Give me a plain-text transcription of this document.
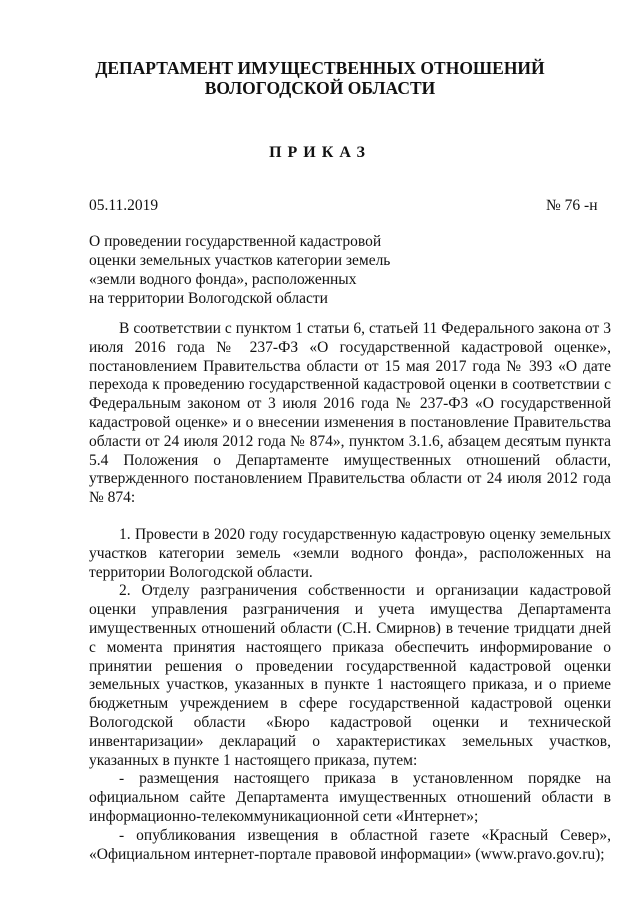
ДЕПАРТАМЕНТ ИМУЩЕСТВЕННЫХ ОТНОШЕНИЙ
ВОЛОГОДСКОЙ ОБЛАСТИ
ПРИКАЗ
05.11.2019	№ 76 -н
О проведении государственной кадастровой
оценки земельных участков категории земель
«земли водного фонда», расположенных
на территории Вологодской области

В соответствии с пунктом 1 статьи 6, статьей 11 Федерального закона от 3 июля 2016 года № 237-ФЗ «О государственной кадастровой оценке», постановлением Правительства области от 15 мая 2017 года № 393 «О дате перехода к проведению государственной кадастровой оценки в соответствии с Федеральным законом от 3 июля 2016 года № 237-ФЗ «О государственной кадастровой оценке» и о внесении изменения в постановление Правительства области от 24 июля 2012 года № 874», пунктом 3.1.6, абзацем десятым пункта 5.4 Положения о Департаменте имущественных отношений области, утвержденного постановлением Правительства области от 24 июля 2012 года № 874:

1. Провести в 2020 году государственную кадастровую оценку земельных участков категории земель «земли водного фонда», расположенных на территории Вологодской области.

2. Отделу разграничения собственности и организации кадастровой оценки управления разграничения и учета имущества Департамента имущественных отношений области (С.Н. Смирнов) в течение тридцати дней с момента принятия настоящего приказа обеспечить информирование о принятии решения о проведении государственной кадастровой оценки земельных участков, указанных в пункте 1 настоящего приказа, и о приеме бюджетным учреждением в сфере государственной кадастровой оценки Вологодской области «Бюро кадастровой оценки и технической инвентаризации» деклараций о характеристиках земельных участков, указанных в пункте 1 настоящего приказа, путем:

- размещения настоящего приказа в установленном порядке на официальном сайте Департамента имущественных отношений области в информационно-телекоммуникационной сети «Интернет»;

- опубликования извещения в областной газете «Красный Север», «Официальном интернет-портале правовой информации» (www.pravo.gov.ru);
